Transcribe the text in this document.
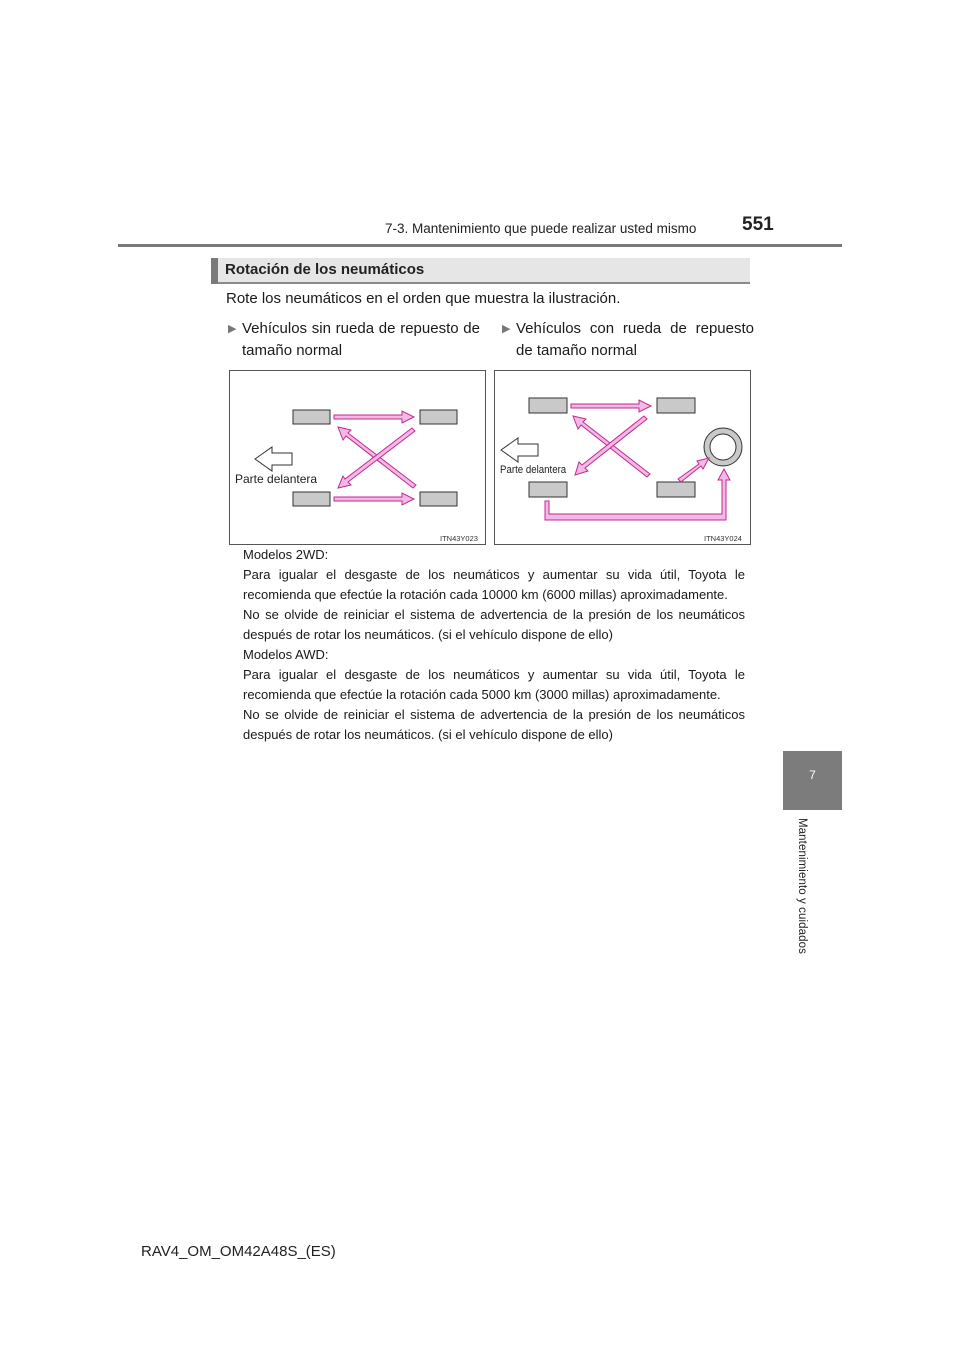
7-3. Mantenimiento que puede realizar usted mismo 551
7
Mantenimiento y cuidados
Rotación de los neumáticos
Rote los neumáticos en el orden que muestra la ilustración.
▶ Vehículos sin rueda de repuesto de tamaño normal
▶ Vehículos con rueda de repuesto de tamaño normal
Parte delantera
ITN43Y023
Parte delantera
ITN43Y024

Modelos 2WD:

Para igualar el desgaste de los neumáticos y aumentar su vida útil, Toyota le recomienda que efectúe la rotación cada 10000 km (6000 millas) aproximadamente.

No se olvide de reiniciar el sistema de advertencia de la presión de los neumáticos después de rotar los neumáticos. (si el vehículo dispone de ello)

Modelos AWD:

Para igualar el desgaste de los neumáticos y aumentar su vida útil, Toyota le recomienda que efectúe la rotación cada 5000 km (3000 millas) aproximadamente.

No se olvide de reiniciar el sistema de advertencia de la presión de los neumáticos después de rotar los neumáticos. (si el vehículo dispone de ello)

RAV4_OM_OM42A48S_(ES)
